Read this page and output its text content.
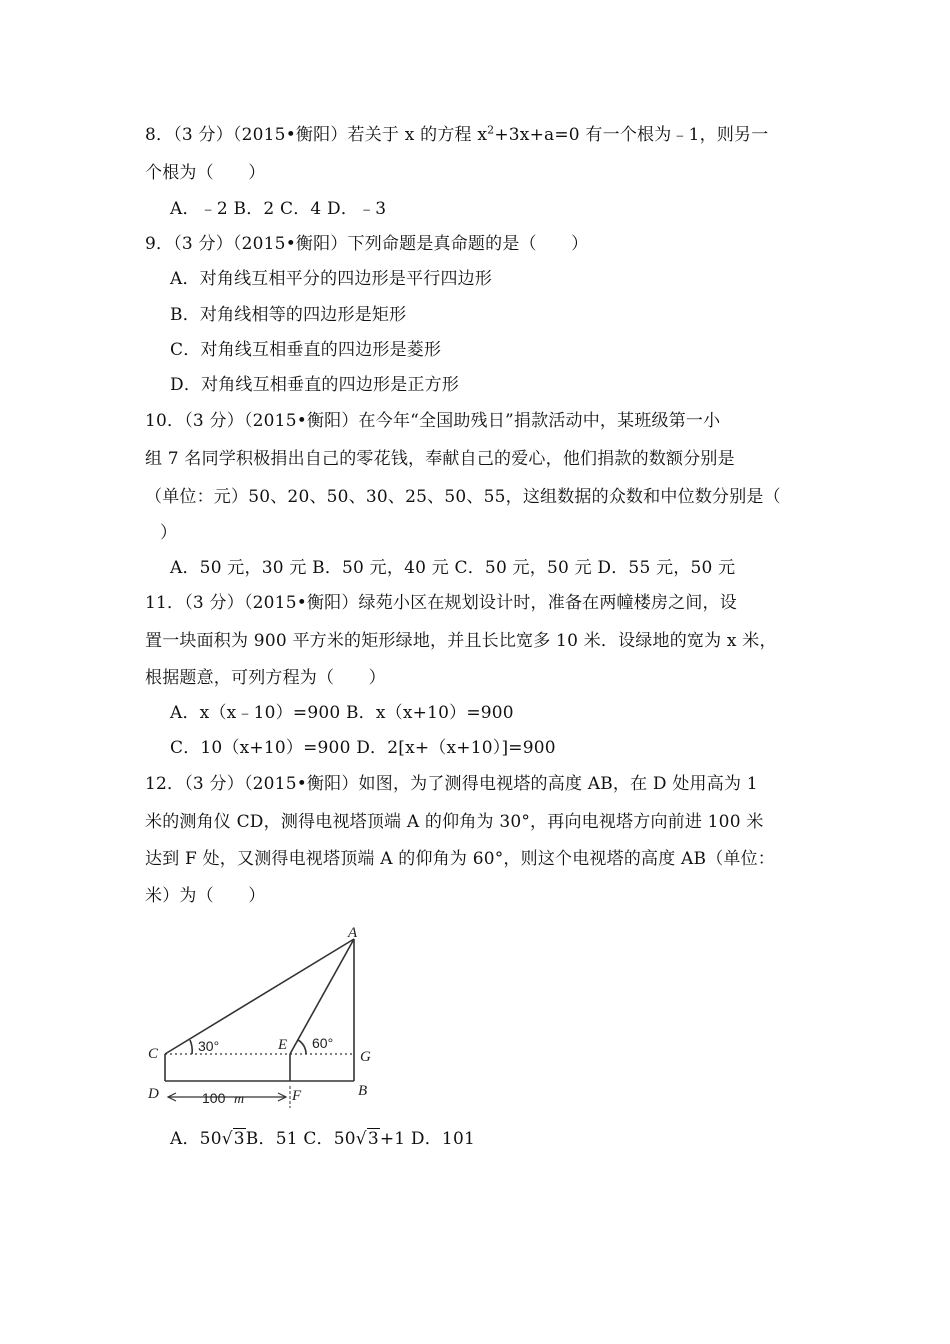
8．（3 分）（2015•衡阳）若关于 x 的方程 $x^2+3x+a=0$ 有一个根为﹣1，则另一
个根为（　　）
A．﹣2 B．2 C．4 D．﹣3
9．（3 分）（2015•衡阳）下列命题是真命题的是（　　）
A．对角线互相平分的四边形是平行四边形
B．对角线相等的四边形是矩形
C．对角线互相垂直的四边形是菱形
D．对角线互相垂直的四边形是正方形
10．（3 分）（2015•衡阳）在今年“全国助残日”捐款活动中，某班级第一小
组 7 名同学积极捐出自己的零花钱，奉献自己的爱心，他们捐款的数额分别是
（单位：元）50、20、50、30、25、50、55，这组数据的众数和中位数分别是（
）
A．50 元，30 元 B．50 元，40 元 C．50 元，50 元 D．55 元，50 元
11．（3 分）（2015•衡阳）绿苑小区在规划设计时，准备在两幢楼房之间，设
置一块面积为 900 平方米的矩形绿地，并且长比宽多 10 米．设绿地的宽为 x 米，
根据题意，可列方程为（　　）
A．x（x﹣10）=900 B．x（x+10）=900
C．10（x+10）=900 D．2[x+（x+10）]=900
12．（3 分）（2015•衡阳）如图，为了测得电视塔的高度 AB，在 D 处用高为 1
米的测角仪 CD，测得电视塔顶端 A 的仰角为 30°，再向电视塔方向前进 100 米
达到 F 处，又测得电视塔顶端 A 的仰角为 60°，则这个电视塔的高度 AB（单位：
米）为（　　）
A
C
D
E
F
G
B
30°	60°
100 m
A．50√3B．51 C．50√3+1 D．101
